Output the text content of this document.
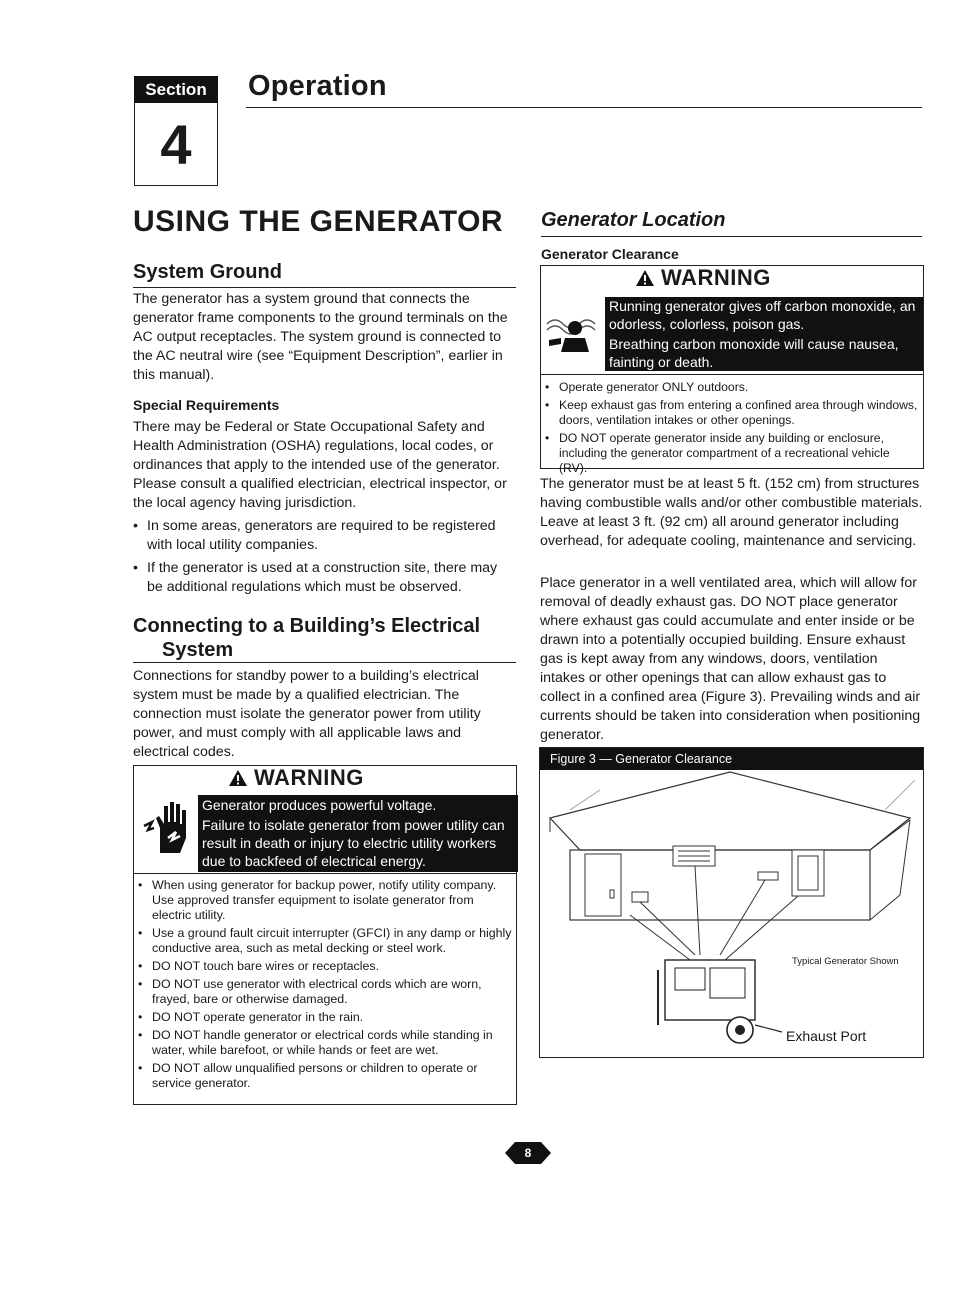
Section
4
Operation
USING THE GENERATOR
System Ground

The generator has a system ground that connects the generator frame components to the ground terminals on the AC output receptacles. The system ground is connected to the AC neutral wire (see “Equipment Description”, earlier in this manual).

Special Requirements

There may be Federal or State Occupational Safety and Health Administration (OSHA) regulations, local codes, or ordinances that apply to the intended use of the generator. Please consult a qualified electrician, electrical inspector, or the local agency having jurisdiction.

• In some areas, generators are required to be registered with local utility companies.
• If the generator is used at a construction site, there may be additional regulations which must be observed.
Connecting to a Building’s Electrical
System

Connections for standby power to a building’s electrical system must be made by a qualified electrician. The connection must isolate the generator power from utility power, and must comply with all applicable laws and electrical codes.

WARNING
Generator produces powerful voltage.
Failure to isolate generator from power utility can result in death or injury to electric utility workers due to backfeed of electrical energy.
• When using generator for backup power, notify utility company. Use approved transfer equipment to isolate generator from electric utility.
• Use a ground fault circuit interrupter (GFCI) in any damp or highly conductive area, such as metal decking or steel work.
• DO NOT touch bare wires or receptacles.
• DO NOT use generator with electrical cords which are worn, frayed, bare or otherwise damaged.
• DO NOT operate generator in the rain.
• DO NOT handle generator or electrical cords while standing in water, while barefoot, or while hands or feet are wet.
• DO NOT allow unqualified persons or children to operate or service generator.
Generator Location
Generator Clearance
WARNING
Running generator gives off carbon monoxide, an odorless, colorless, poison gas.
Breathing carbon monoxide will cause nausea, fainting or death.
• Operate generator ONLY outdoors.
• Keep exhaust gas from entering a confined area through windows, doors, ventilation intakes or other openings.
• DO NOT operate generator inside any building or enclosure, including the generator compartment of a recreational vehicle (RV).

The generator must be at least 5 ft. (152 cm) from structures having combustible walls and/or other combustible materials. Leave at least 3 ft. (92 cm) all around generator including overhead, for adequate cooling, maintenance and servicing.

Place generator in a well ventilated area, which will allow for removal of deadly exhaust gas. DO NOT place generator where exhaust gas could accumulate and enter inside or be drawn into a potentially occupied building. Ensure exhaust gas is kept away from any windows, doors, ventilation intakes or other openings that can allow exhaust gas to collect in a confined area (Figure 3). Prevailing winds and air currents should be taken into consideration when positioning generator.

Figure 3 — Generator Clearance
Typical Generator Shown
Exhaust Port
8
